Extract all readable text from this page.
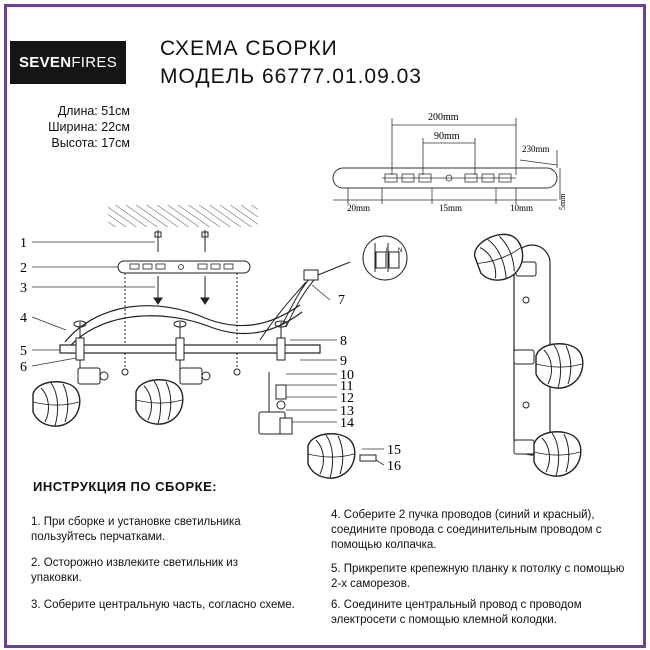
SEVEN FIRES
СХЕМА СБОРКИ
МОДЕЛЬ 66777.01.09.03
Длина: 51см
Ширина: 22см
Высота: 17см
200mm
90mm
230mm
20mm	15mm	10mm	5mm
L N
1
2
3
4
5
6
7
8
9
10
11
12
13
14
15
16
ИНСТРУКЦИЯ ПО СБОРКЕ:
1. При сборке и установке светильника пользуйтесь перчатками.
2. Осторожно извлеките светильник из упаковки.
3. Соберите центральную часть, согласно схеме.
4. Соберите 2 пучка проводов (синий и красный), соедините провода с соединительным проводом с помощью колпачка.
5. Прикрепите крепежную планку к потолку с помощью 2-х саморезов.
6. Соедините центральный провод с проводом электросети с помощью клемной колодки.
